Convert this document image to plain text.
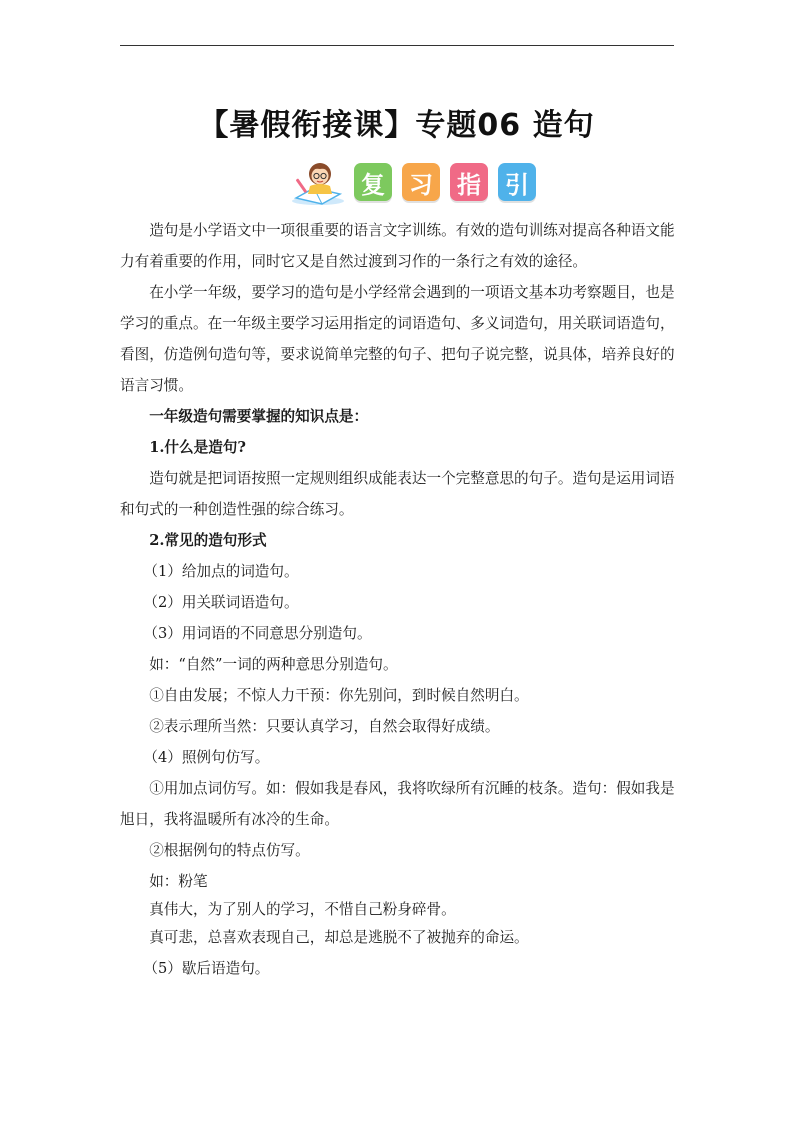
【暑假衔接课】专题06 造句
复 习 指 引

造句是小学语文中一项很重要的语言文字训练。有效的造句训练对提高各种语文能力有着重要的作用，同时它又是自然过渡到习作的一条行之有效的途径。

在小学一年级，要学习的造句是小学经常会遇到的一项语文基本功考察题目，也是学习的重点。在一年级主要学习运用指定的词语造句、多义词造句，用关联词语造句，看图，仿造例句造句等，要求说简单完整的句子、把句子说完整，说具体，培养良好的语言习惯。

一年级造句需要掌握的知识点是：

1.什么是造句?

造句就是把词语按照一定规则组织成能表达一个完整意思的句子。造句是运用词语和句式的一种创造性强的综合练习。

2.常见的造句形式

（1）给加点的词造句。

（2）用关联词语造句。

（3）用词语的不同意思分别造句。

如：“自然”一词的两种意思分别造句。

①自由发展；不惊人力干预：你先别问，到时候自然明白。

②表示理所当然：只要认真学习，自然会取得好成绩。

（4）照例句仿写。

①用加点词仿写。如：假如我是春风，我将吹绿所有沉睡的枝条。造句：假如我是旭日，我将温暖所有冰冷的生命。

②根据例句的特点仿写。

如：粉笔

真伟大，为了别人的学习，不惜自己粉身碎骨。

真可悲，总喜欢表现自己，却总是逃脱不了被抛弃的命运。

（5）歇后语造句。
